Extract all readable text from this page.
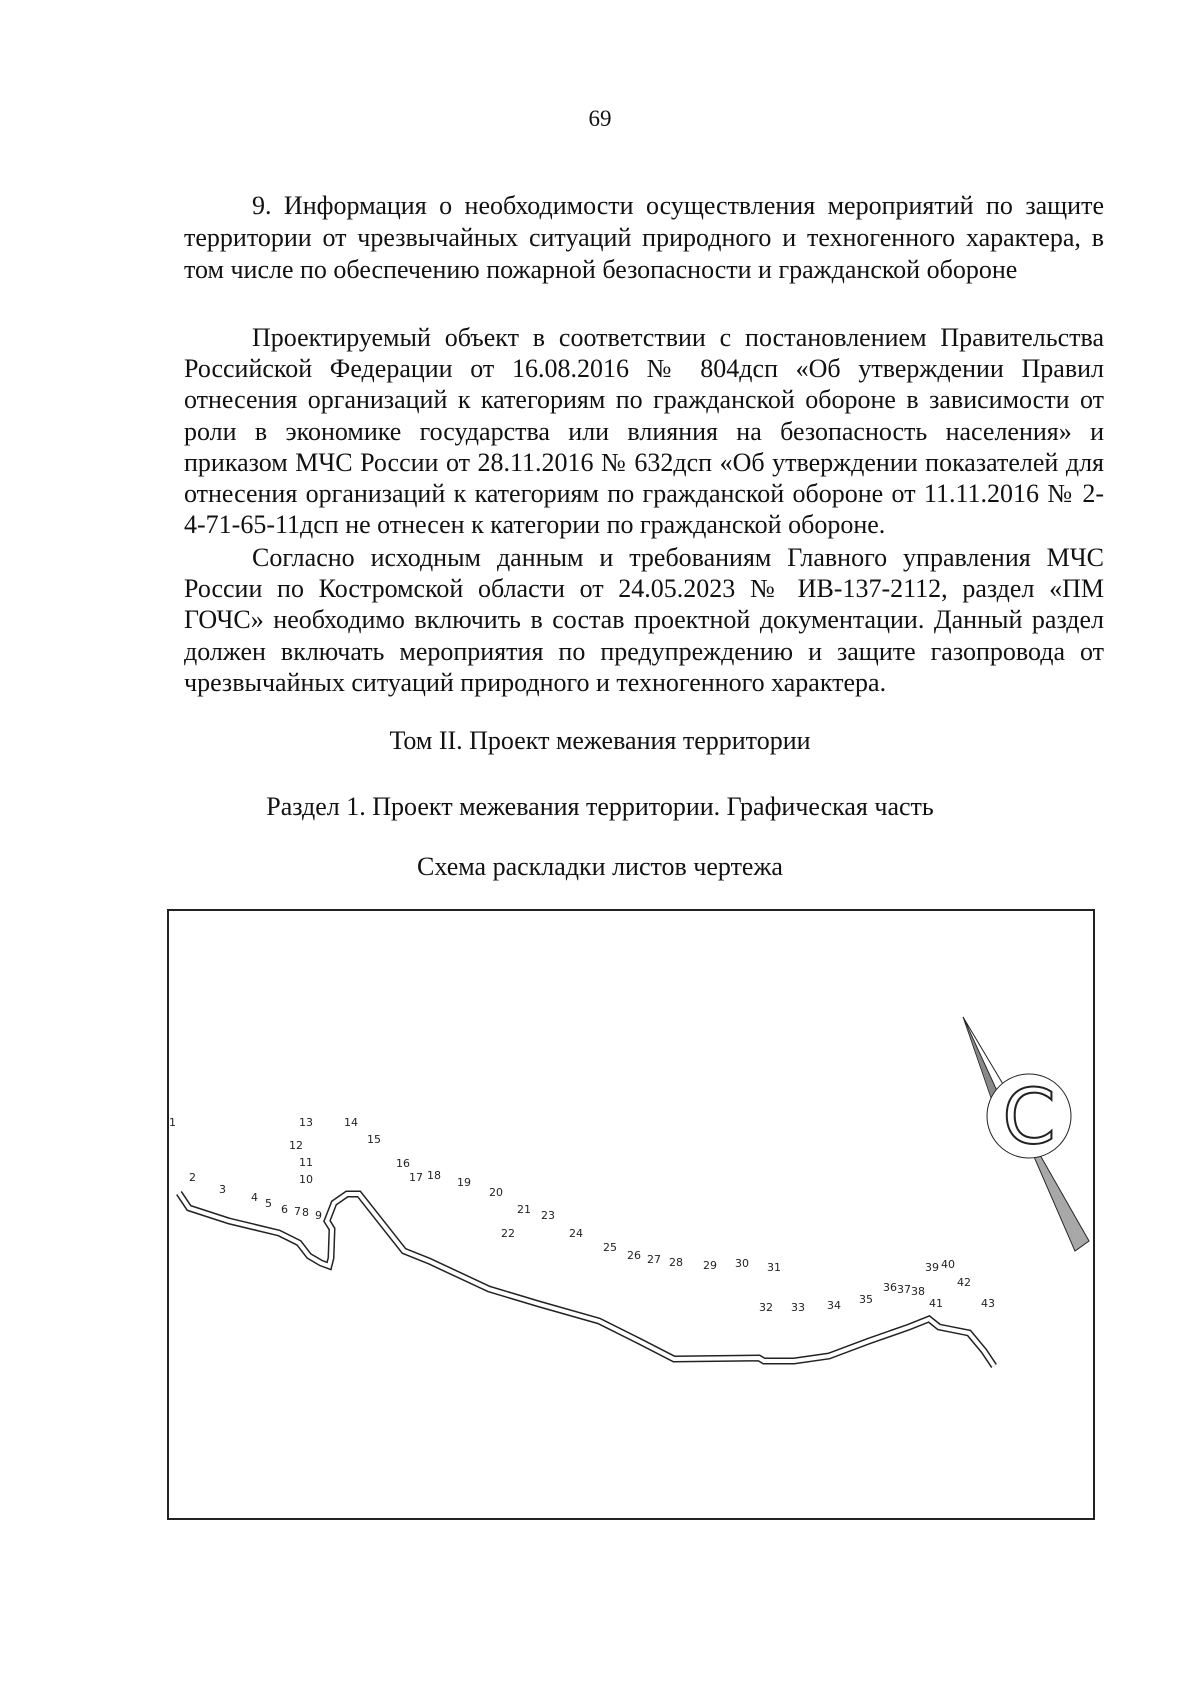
69
9. Информация о необходимости осуществления мероприятий по защите территории от чрезвычайных ситуаций природного и техногенного характера, в том числе по обеспечению пожарной безопасности и гражданской обороне
Проектируемый объект в соответствии с постановлением Правительства Российской Федерации от 16.08.2016 № 804дсп «Об утверждении Правил отнесения организаций к категориям по гражданской обороне в зависимости от роли в экономике государства или влияния на безопасность населения» и приказом МЧС России от 28.11.2016 № 632дсп «Об утверждении показателей для отнесения организаций к категориям по гражданской обороне от 11.11.2016 № 2-4-71-65-11дсп не отнесен к категории по гражданской обороне.
Согласно исходным данным и требованиям Главного управления МЧС России по Костромской области от 24.05.2023 № ИВ-137-2112, раздел «ПМ ГОЧС» необходимо включить в состав проектной документации. Данный раздел должен включать мероприятия по предупреждению и защите газопровода от чрезвычайных ситуаций природного и техногенного характера.
Том II. Проект межевания территории
Раздел 1. Проект межевания территории. Графическая часть
Схема раскладки листов чертежа
С
1
2
3
4 5 6 7 8 9
10
11
12
13	14
15
16
17 18
19
20
21
22
23
24
25
26 27 28 29 30 31
32 33 34 35
36 37 38
39 40
41
42
43
